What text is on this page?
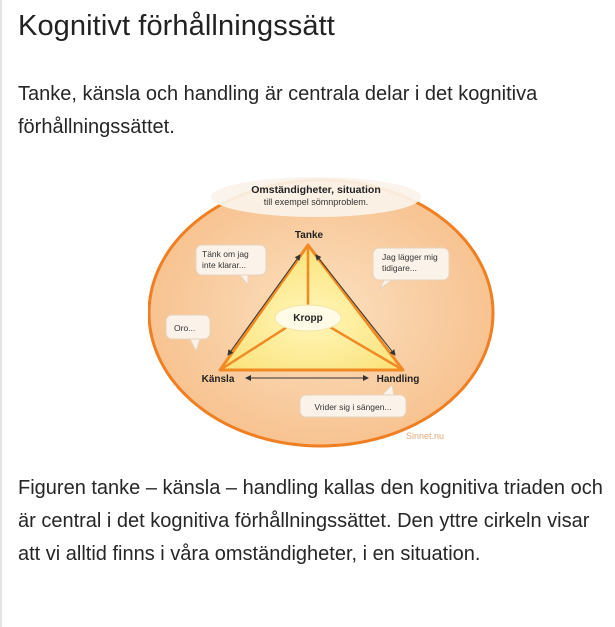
Kognitivt förhållningssätt

Tanke, känsla och handling är centrala delar i det kognitiva förhållningssättet.

Omständigheter, situation
till exempel sömnproblem.
Kropp
Tanke
Känsla	Handling
Tänk om jag
inte klarar...
Jag lägger mig
tidigare...
Oro...
Vrider sig i sängen...
Sinnet.nu

Figuren tanke – känsla – handling kallas den kognitiva triaden och är central i det kognitiva förhållningssättet. Den yttre cirkeln visar att vi alltid finns i våra omständigheter, i en situation.
